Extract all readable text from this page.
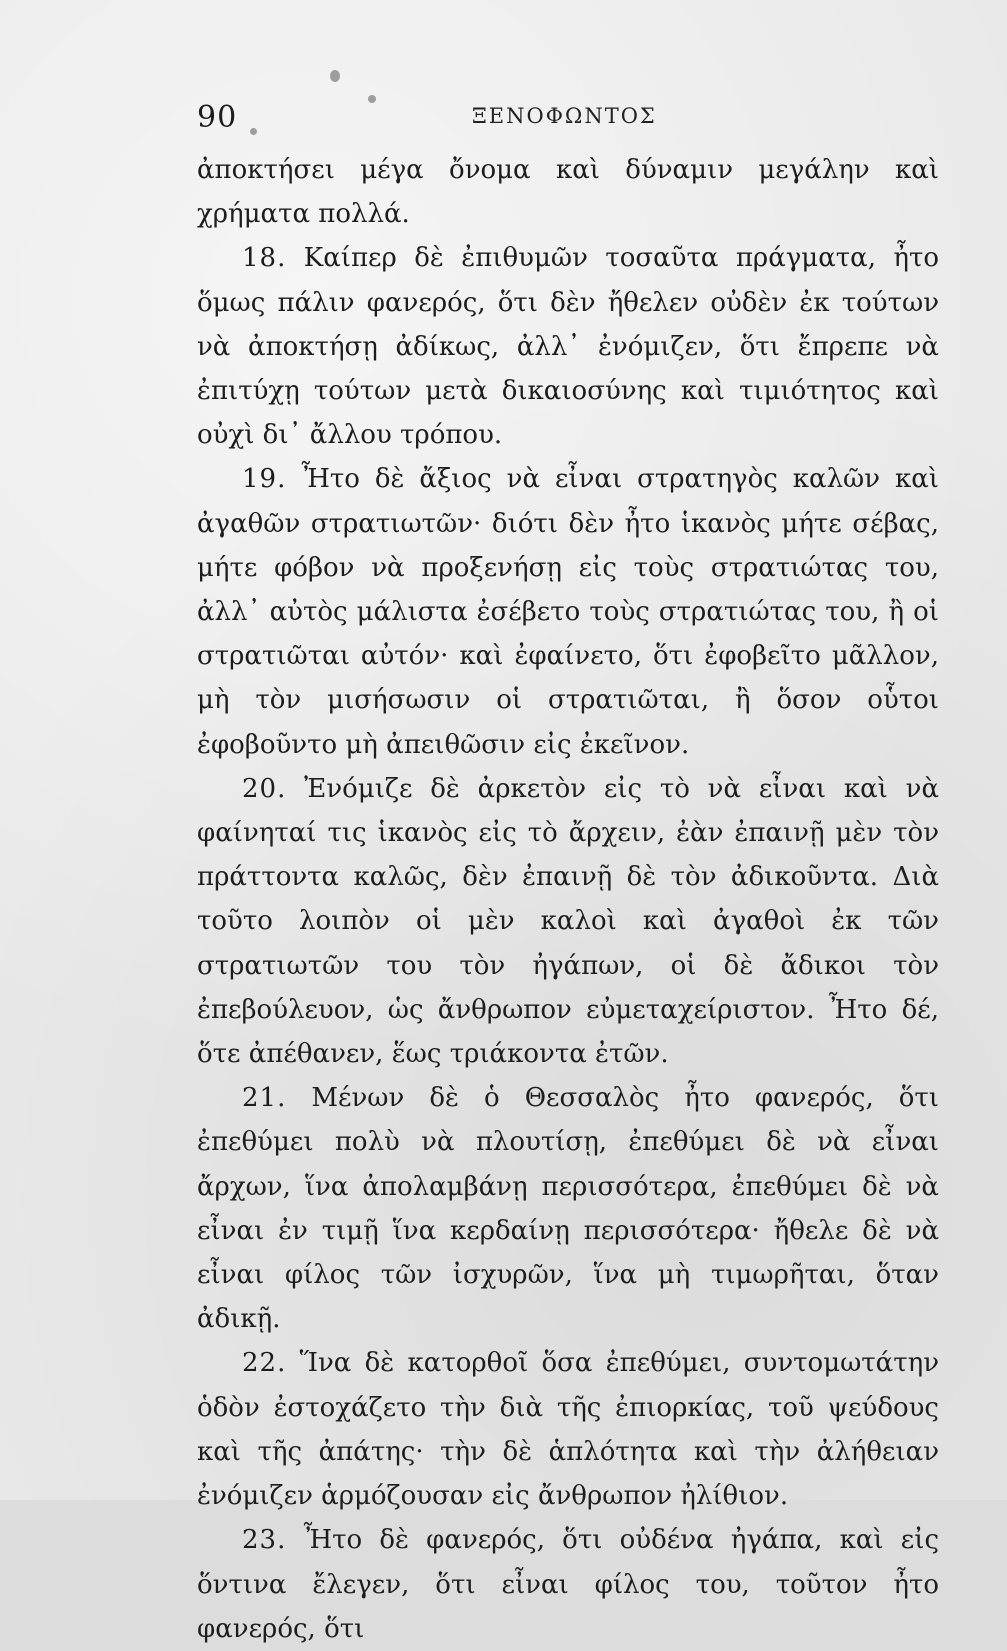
90	ΞΕΝΟΦΩΝΤΟΣ

ἀποκτήσει μέγα ὄνομα καὶ δύναμιν μεγάλην καὶ χρήματα πολλά.

18. Καίπερ δὲ ἐπιθυμῶν τοσαῦτα πράγματα, ἦτο ὅμως πάλιν φανερός, ὅτι δὲν ἤθελεν οὐδὲν ἐκ τούτων νὰ ἀποκτήσῃ ἀδίκως, ἀλλ᾽ ἐνόμιζεν, ὅτι ἔπρεπε νὰ ἐπιτύχῃ τούτων μετὰ δικαιοσύνης καὶ τιμιότητος καὶ οὐχὶ δι᾽ ἄλλου τρόπου.

19. Ἦτο δὲ ἄξιος νὰ εἶναι στρατηγὸς καλῶν καὶ ἀγαθῶν στρατιωτῶν· διότι δὲν ἦτο ἱκανὸς μήτε σέβας, μήτε φόβον νὰ προξενήσῃ εἰς τοὺς στρατιώτας του, ἀλλ᾽ αὐτὸς μάλιστα ἐσέβετο τοὺς στρατιώτας του, ἢ οἱ στρατιῶται αὐτόν· καὶ ἐφαίνετο, ὅτι ἐφοβεῖτο μᾶλλον, μὴ τὸν μισήσωσιν οἱ στρατιῶται, ἢ ὅσον οὗτοι ἐφοβοῦντο μὴ ἀπειθῶσιν εἰς ἐκεῖνον.

20. Ἐνόμιζε δὲ ἀρκετὸν εἰς τὸ νὰ εἶναι καὶ νὰ φαίνηταί τις ἱκανὸς εἰς τὸ ἄρχειν, ἐὰν ἐπαινῇ μὲν τὸν πράττοντα καλῶς, δὲν ἐπαινῇ δὲ τὸν ἀδικοῦντα. Διὰ τοῦτο λοιπὸν οἱ μὲν καλοὶ καὶ ἀγαθοὶ ἐκ τῶν στρατιωτῶν του τὸν ἠγάπων, οἱ δὲ ἄδικοι τὸν ἐπεβούλευον, ὡς ἄνθρωπον εὐμεταχείριστον. Ἦτο δέ, ὅτε ἀπέθανεν, ἕως τριάκοντα ἐτῶν.

21. Μένων δὲ ὁ Θεσσαλὸς ἦτο φανερός, ὅτι ἐπεθύμει πολὺ νὰ πλουτίσῃ, ἐπεθύμει δὲ νὰ εἶναι ἄρχων, ἵνα ἀπολαμβάνῃ περισσότερα, ἐπεθύμει δὲ νὰ εἶναι ἐν τιμῇ ἵνα κερδαίνῃ περισσότερα· ἤθελε δὲ νὰ εἶναι φίλος τῶν ἰσχυρῶν, ἵνα μὴ τιμωρῆται, ὅταν ἀδικῇ.

22. Ἵνα δὲ κατορθοῖ ὅσα ἐπεθύμει, συντομωτάτην ὁδὸν ἐστοχάζετο τὴν διὰ τῆς ἐπιορκίας, τοῦ ψεύδους καὶ τῆς ἀπάτης· τὴν δὲ ἁπλότητα καὶ τὴν ἀλήθειαν ἐνόμιζεν ἁρμόζουσαν εἰς ἄνθρωπον ἠλίθιον.

23. Ἦτο δὲ φανερός, ὅτι οὐδένα ἠγάπα, καὶ εἰς ὅντινα ἔλεγεν, ὅτι εἶναι φίλος του, τοῦτον ἦτο φανερός, ὅτι
